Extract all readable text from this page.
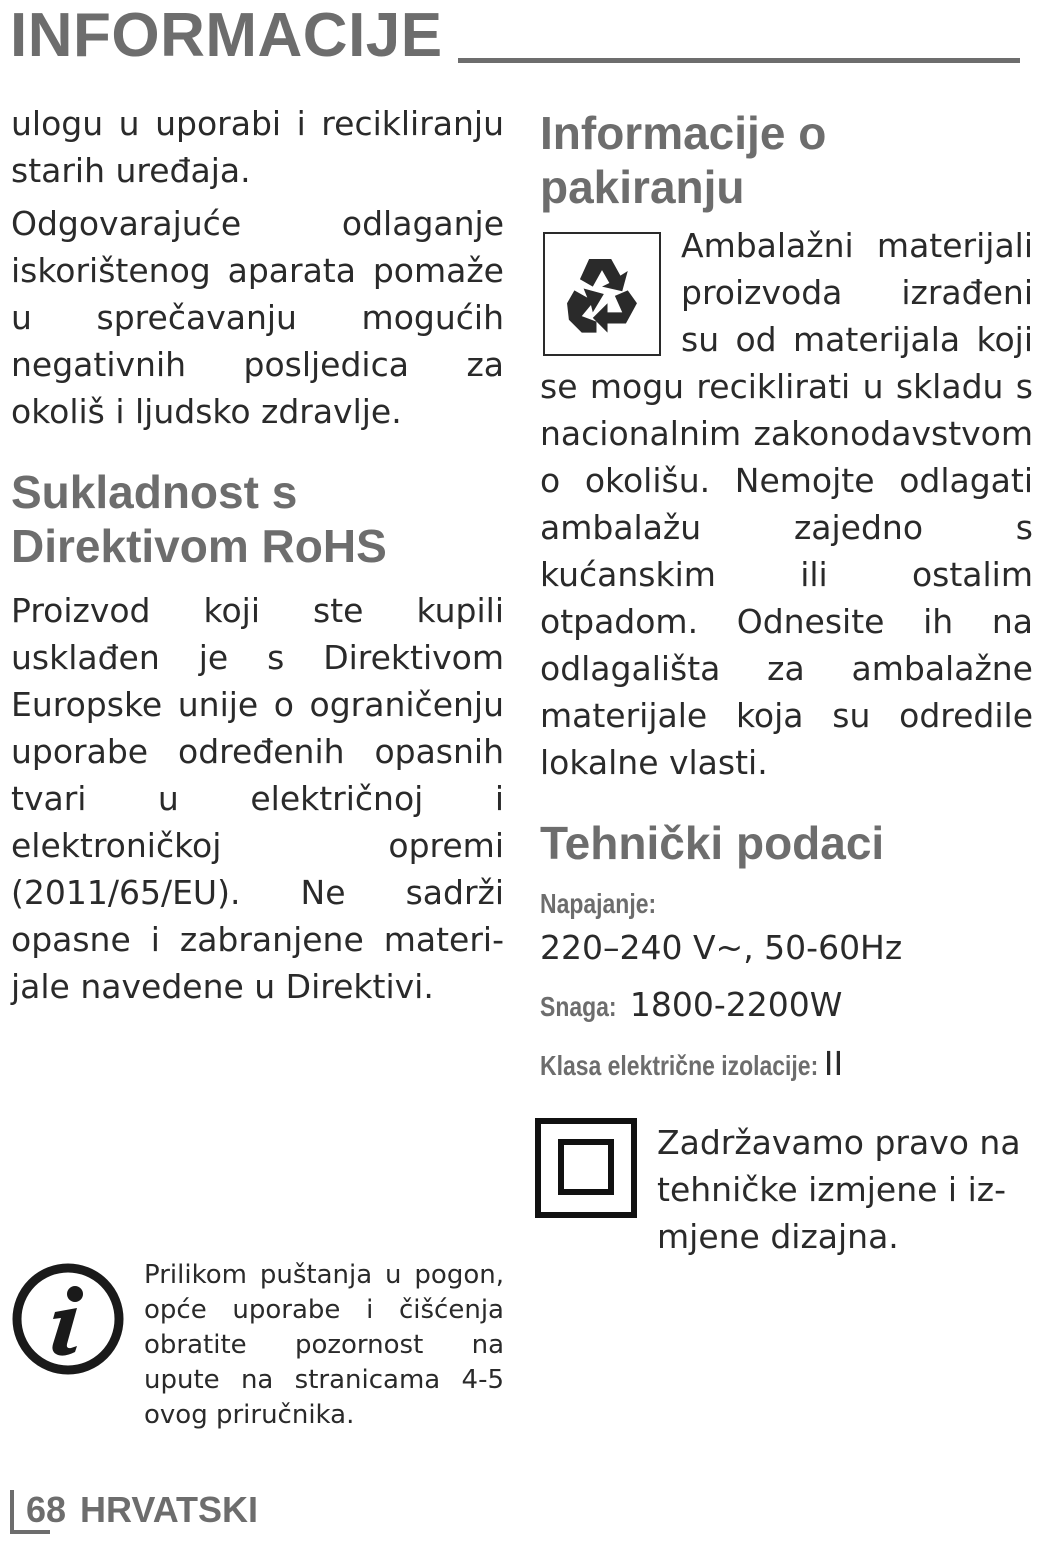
INFORMACIJE

ulogu u uporabi i recikliranju starih uređaja.

Odgovarajuće odlaganje iskorištenog aparata pomaže u sprečavanju mogućih negativnih posljedica za okoliš i ljudsko zdravlje.

Sukladnost s
Direktivom RoHS

Proizvod koji ste kupili usklađen je s Direktivom Europske unije o ograničenju uporabe određenih opasnih tvari u električnoj i elektroničkoj opremi (2011/65/EU). Ne sadrži opasne i zabranjene materijale navedene u Direktivi.

Informacije o
pakiranju

Ambalažni materijali proizvoda izrađeni su od materijala koji se mogu reciklirati u skladu s nacionalnim zakonodavstvom o okolišu. Nemojte odlagati ambalažu zajedno s kućanskim ili ostalim otpadom. Odnesite ih na odlagališta za ambalažne materijale koja su odredile lokalne vlasti.

Tehnički podaci
Napajanje:

220–240 V~, 50-60Hz

Snaga: 1800-2200W

Klasa električne izolacije: II

Zadržavamo pravo na tehničke izmjene i izmjene dizajna.

Prilikom puštanja u pogon, opće uporabe i čišćenja obratite pozornost na upute na stranicama 4-5 ovog priručnika.

68 HRVATSKI
